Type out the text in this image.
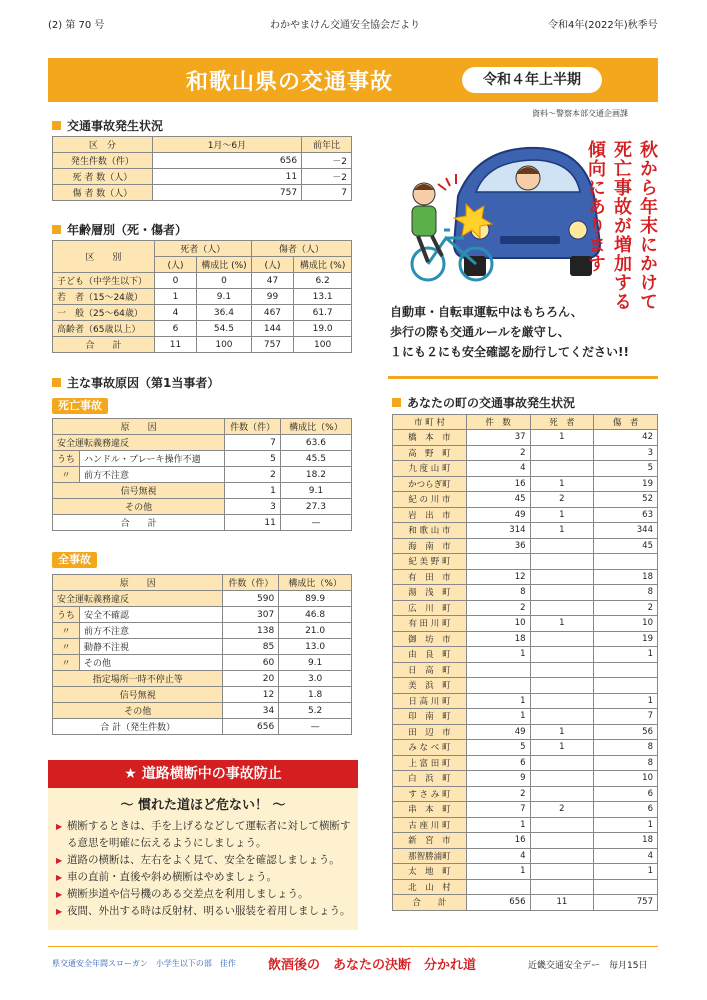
(2) 第 70 号	わかやまけん交通安全協会だより	令和4年(2022年)秋季号
和歌山県の交通事故	令和４年上半期
資料～警察本部交通企画課
交通事故発生状況
区　分	1月～6月	前年比
発生件数（件）	656	－2
死 者 数（人）	11	－2
傷 者 数（人）	757	7
年齢層別（死・傷者）
区　　別	死者（人）		傷者（人）	
	(人)	構成比 (%)	(人)	構成比 (%)
子ども（中学生以下）	0	0	47	6.2
若　者（15～24歳）	1	9.1	99	13.1
一　般（25～64歳）	4	36.4	467	61.7
高齢者（65歳以上）	6	54.5	144	19.0
合　　計	11	100	757	100
主な事故原因（第1当事者）
死亡事故
原　　因		件数（件）	構成比（%）
安全運転義務違反		7	63.6
うち	ハンドル・ブレーキ操作不適	5	45.5
〃	前方不注意	2	18.2
信号無視		1	9.1
その他		3	27.3
合　　計		11	—
全事故
原　　因		件数（件）	構成比（%）
安全運転義務違反		590	89.9
うち	安全不確認	307	46.8
〃	前方不注意	138	21.0
〃	動静不注視	85	13.0
〃	その他	60	9.1
指定場所一時不停止等		20	3.0
信号無視		12	1.8
その他		34	5.2
合 計（発生件数）		656	—
★ 道路横断中の事故防止
～ 慣れた道ほど危ない！ ～
▶ 横断するときは、手を上げるなどして運転者に対して横断する意思を明確に伝えるようにしましょう。
▶ 道路の横断は、左右をよく見て、安全を確認しましょう。
▶ 車の直前・直後や斜め横断はやめましょう。
▶ 横断歩道や信号機のある交差点を利用しましょう。
▶ 夜間、外出する時は反射材、明るい服装を着用しましょう。
秋から年末にかけて
死亡事故が増加する
傾向にあります
自動車・自転車運転中はもちろん、
歩行の際も交通ルールを厳守し、
１にも２にも安全確認を励行してください!!
あなたの町の交通事故発生状況
市 町 村	件　数	死　者	傷　者
橋　本　市	37	1	42
高　野　町	2		3
九 度 山 町	4		5
かつらぎ町	16	1	19
紀 の 川 市	45	2	52
岩　出　市	49	1	63
和 歌 山 市	314	1	344
海　南　市	36		45
紀 美 野 町			
有　田　市	12		18
湯　浅　町	8		8
広　川　町	2		2
有 田 川 町	10	1	10
御　坊　市	18		19
由　良　町	1		1
日　高　町			
美　浜　町			
日 高 川 町	1		1
印　南　町	1		7
田　辺　市	49	1	56
み な べ 町	5	1	8
上 富 田 町	6		8
白　浜　町	9		10
す さ み 町	2		6
串　本　町	7	2	6
古 座 川 町	1		1
新　宮　市	16		18
那智勝浦町	4		4
太　地　町	1		1
北　山　村			
合　　計	656	11	757
県交通安全年間スローガン　小学生以下の部　佳作 飲酒後の　あなたの決断　分かれ道	近畿交通安全デー　毎月15日
